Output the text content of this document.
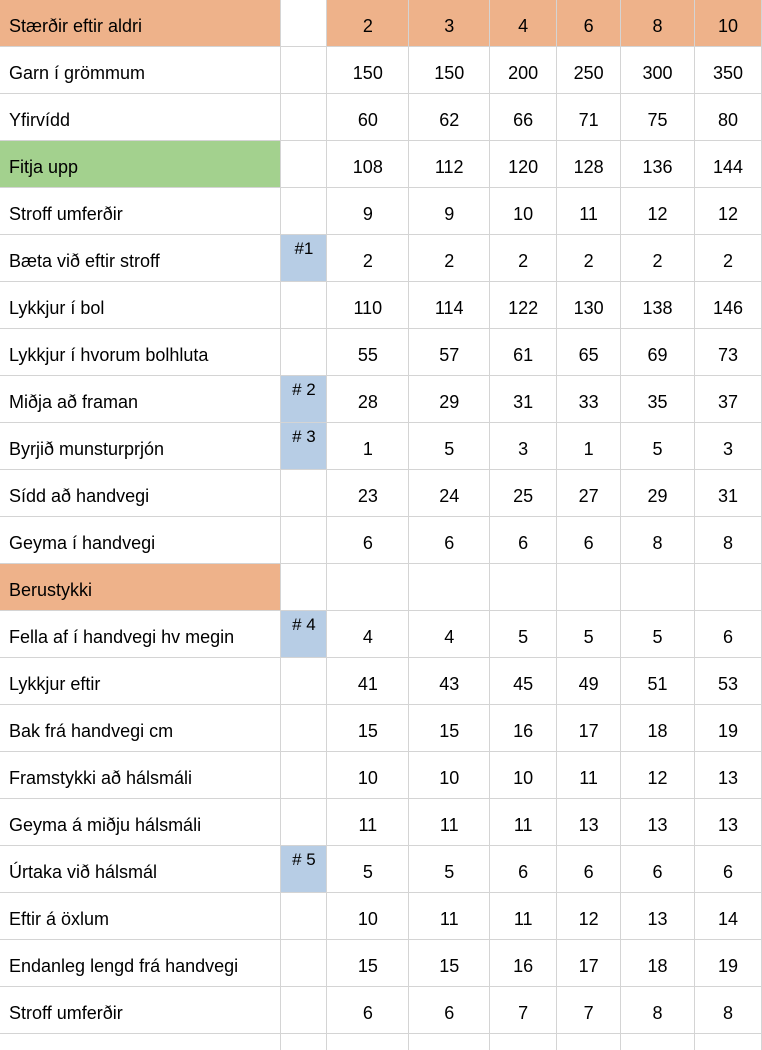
Stærðir eftir aldri		2	3	4	6	8	10
Garn í grömmum		150	150	200	250	300	350
Yfirvídd		60	62	66	71	75	80
Fitja upp		108	112	120	128	136	144
Stroff umferðir		9	9	10	11	12	12
Bæta við eftir stroff	#1	2	2	2	2	2	2
Lykkjur í bol		110	114	122	130	138	146
Lykkjur í hvorum bolhluta		55	57	61	65	69	73
Miðja að framan	# 2	28	29	31	33	35	37
Byrjið munsturprjón	# 3	1	5	3	1	5	3
Sídd að handvegi		23	24	25	27	29	31
Geyma í handvegi		6	6	6	6	8	8
Berustykki							
Fella af í handvegi hv megin	# 4	4	4	5	5	5	6
Lykkjur eftir		41	43	45	49	51	53
Bak frá handvegi cm		15	15	16	17	18	19
Framstykki að hálsmáli		10	10	10	11	12	13
Geyma á miðju hálsmáli		11	11	11	13	13	13
Úrtaka við hálsmál	# 5	5	5	6	6	6	6
Eftir á öxlum		10	11	11	12	13	14
Endanleg lengd frá handvegi		15	15	16	17	18	19
Stroff umferðir		6	6	7	7	8	8
